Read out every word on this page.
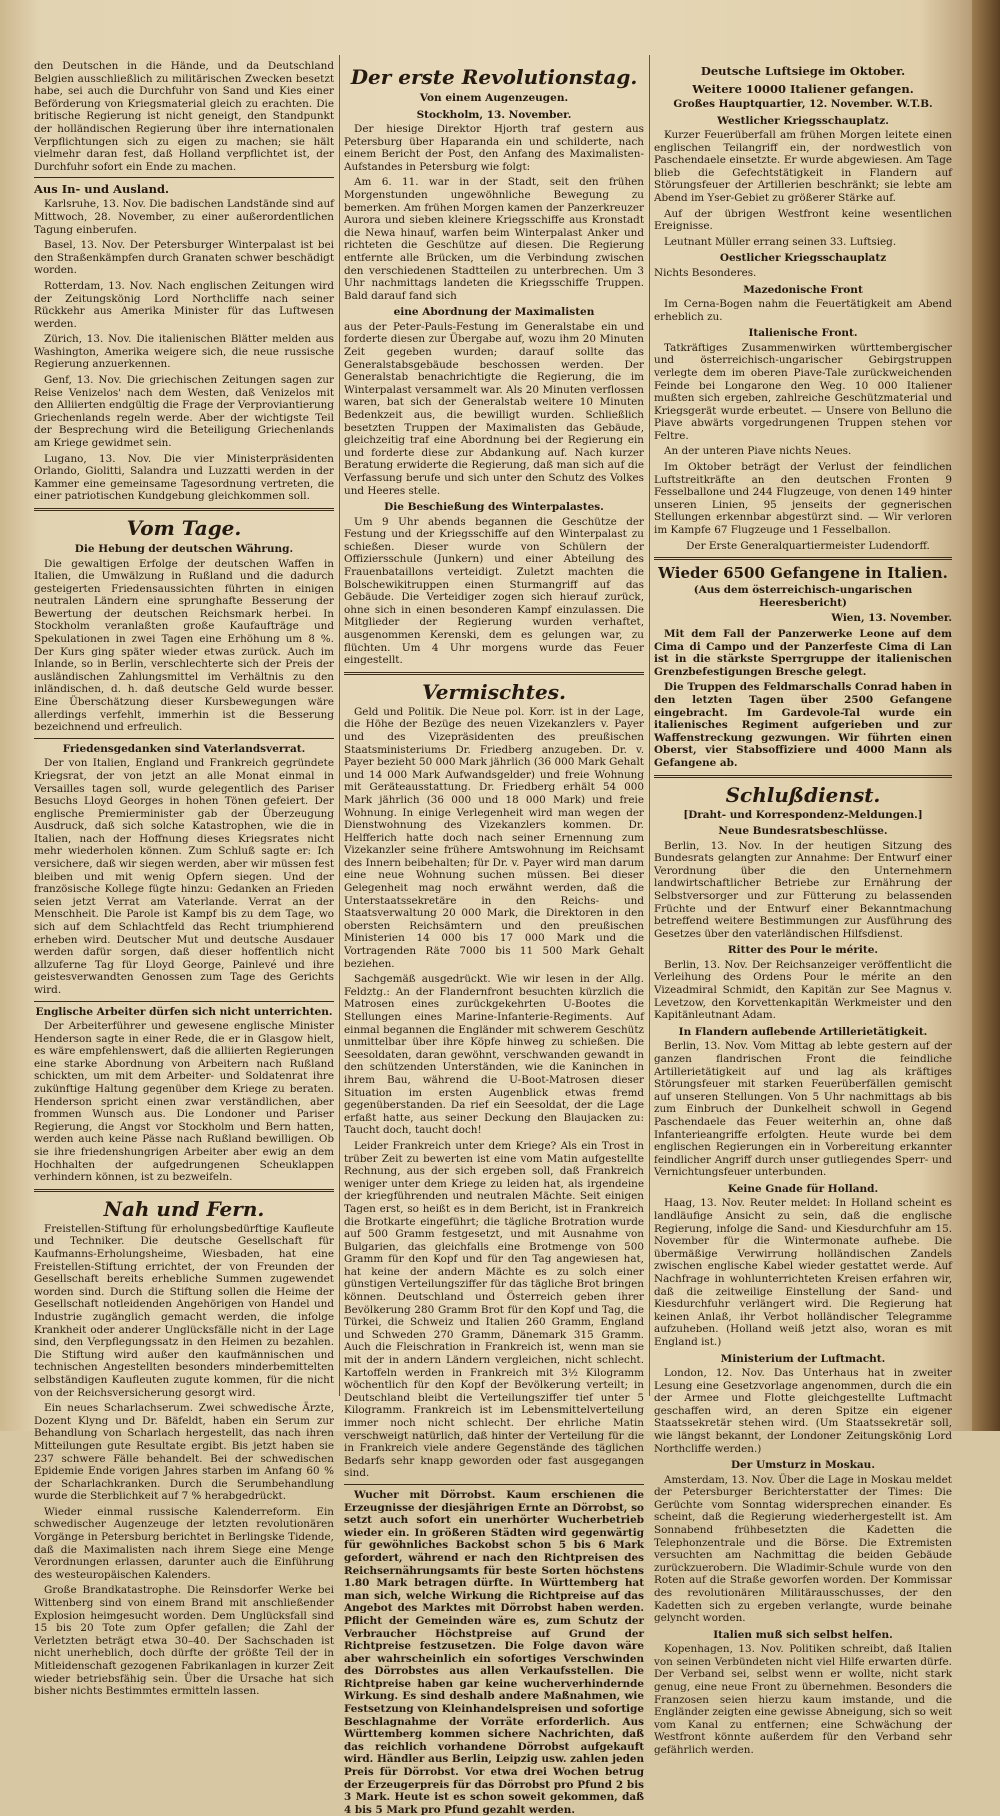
den Deutschen in die Hände, und da Deutschland Belgien ausschließlich zu militärischen Zwecken besetzt habe, sei auch die Durchfuhr von Sand und Kies einer Beförderung von Kriegsmaterial gleich zu erachten. Die britische Regierung ist nicht geneigt, den Standpunkt der holländischen Regierung über ihre internationalen Verpflichtungen sich zu eigen zu machen; sie hält vielmehr daran fest, daß Holland verpflichtet ist, der Durchfuhr sofort ein Ende zu machen.

Aus In- und Ausland.

Karlsruhe, 13. Nov. Die badischen Landstände sind auf Mittwoch, 28. November, zu einer außerordentlichen Tagung einberufen.

Basel, 13. Nov. Der Petersburger Winterpalast ist bei den Straßenkämpfen durch Granaten schwer beschädigt worden.

Rotterdam, 13. Nov. Nach englischen Zeitungen wird der Zeitungskönig Lord Northcliffe nach seiner Rückkehr aus Amerika Minister für das Luftwesen werden.

Zürich, 13. Nov. Die italienischen Blätter melden aus Washington, Amerika weigere sich, die neue russische Regierung anzuerkennen.

Genf, 13. Nov. Die griechischen Zeitungen sagen zur Reise Venizelos' nach dem Westen, daß Venizelos mit den Alliierten endgültig die Frage der Verproviantierung Griechenlands regeln werde. Aber der wichtigste Teil der Besprechung wird die Beteiligung Griechenlands am Kriege gewidmet sein.

Lugano, 13. Nov. Die vier Ministerpräsidenten Orlando, Giolitti, Salandra und Luzzatti werden in der Kammer eine gemeinsame Tagesordnung vertreten, die einer patriotischen Kundgebung gleichkommen soll.

Vom Tage.
Die Hebung der deutschen Währung.

Die gewaltigen Erfolge der deutschen Waffen in Italien, die Umwälzung in Rußland und die dadurch gesteigerten Friedensaussichten führten in einigen neutralen Ländern eine sprunghafte Besserung der Bewertung der deutschen Reichsmark herbei. In Stockholm veranlaßten große Kaufaufträge und Spekulationen in zwei Tagen eine Erhöhung um 8 %. Der Kurs ging später wieder etwas zurück. Auch im Inlande, so in Berlin, verschlechterte sich der Preis der ausländischen Zahlungsmittel im Verhältnis zu den inländischen, d. h. daß deutsche Geld wurde besser. Eine Überschätzung dieser Kursbewegungen wäre allerdings verfehlt, immerhin ist die Besserung bezeichnend und erfreulich.

Friedensgedanken sind Vaterlandsverrat.

Der von Italien, England und Frankreich gegründete Kriegsrat, der von jetzt an alle Monat einmal in Versailles tagen soll, wurde gelegentlich des Pariser Besuchs Lloyd Georges in hohen Tönen gefeiert. Der englische Premierminister gab der Überzeugung Ausdruck, daß sich solche Katastrophen, wie die in Italien, nach der Hoffnung dieses Kriegsrates nicht mehr wiederholen können. Zum Schluß sagte er: Ich versichere, daß wir siegen werden, aber wir müssen fest bleiben und mit wenig Opfern siegen. Und der französische Kollege fügte hinzu: Gedanken an Frieden seien jetzt Verrat am Vaterlande. Verrat an der Menschheit. Die Parole ist Kampf bis zu dem Tage, wo sich auf dem Schlachtfeld das Recht triumphierend erheben wird. Deutscher Mut und deutsche Ausdauer werden dafür sorgen, daß dieser hoffentlich nicht allzuferne Tag für Lloyd George, Painlevé und ihre geistesverwandten Genossen zum Tage des Gerichts wird.

Englische Arbeiter dürfen sich nicht unterrichten.

Der Arbeiterführer und gewesene englische Minister Henderson sagte in einer Rede, die er in Glasgow hielt, es wäre empfehlenswert, daß die alliierten Regierungen eine starke Abordnung von Arbeitern nach Rußland schickten, um mit dem Arbeiter- und Soldatenrat ihre zukünftige Haltung gegenüber dem Kriege zu beraten. Henderson spricht einen zwar verständlichen, aber frommen Wunsch aus. Die Londoner und Pariser Regierung, die Angst vor Stockholm und Bern hatten, werden auch keine Pässe nach Rußland bewilligen. Ob sie ihre friedenshungrigen Arbeiter aber ewig an dem Hochhalten der aufgedrungenen Scheuklappen verhindern können, ist zu bezweifeln.

Nah und Fern.

Freistellen-Stiftung für erholungsbedürftige Kaufleute und Techniker. Die deutsche Gesellschaft für Kaufmanns-Erholungsheime, Wiesbaden, hat eine Freistellen-Stiftung errichtet, der von Freunden der Gesellschaft bereits erhebliche Summen zugewendet worden sind. Durch die Stiftung sollen die Heime der Gesellschaft notleidenden Angehörigen von Handel und Industrie zugänglich gemacht werden, die infolge Krankheit oder anderer Unglücksfälle nicht in der Lage sind, den Verpflegungssatz in den Heimen zu bezahlen. Die Stiftung wird außer den kaufmännischen und technischen Angestellten besonders minderbemittelten selbständigen Kaufleuten zugute kommen, für die nicht von der Reichsversicherung gesorgt wird.

Ein neues Scharlachserum. Zwei schwedische Ärzte, Dozent Klyng und Dr. Bäfeldt, haben ein Serum zur Behandlung von Scharlach hergestellt, das nach ihren Mitteilungen gute Resultate ergibt. Bis jetzt haben sie 237 schwere Fälle behandelt. Bei der schwedischen Epidemie Ende vorigen Jahres starben im Anfang 60 % der Scharlachkranken. Durch die Serumbehandlung wurde die Sterblichkeit auf 7 % herabgedrückt.

Wieder einmal russische Kalenderreform. Ein schwedischer Augenzeuge der letzten revolutionären Vorgänge in Petersburg berichtet in Berlingske Tidende, daß die Maximalisten nach ihrem Siege eine Menge Verordnungen erlassen, darunter auch die Einführung des westeuropäischen Kalenders.

Große Brandkatastrophe. Die Reinsdorfer Werke bei Wittenberg sind von einem Brand mit anschließender Explosion heimgesucht worden. Dem Unglücksfall sind 15 bis 20 Tote zum Opfer gefallen; die Zahl der Verletzten beträgt etwa 30–40. Der Sachschaden ist nicht unerheblich, doch dürfte der größte Teil der in Mitleidenschaft gezogenen Fabrikanlagen in kurzer Zeit wieder betriebsfähig sein. Über die Ursache hat sich bisher nichts Bestimmtes ermitteln lassen.

Der erste Revolutionstag.
Von einem Augenzeugen.
Stockholm, 13. November.

Der hiesige Direktor Hjorth traf gestern aus Petersburg über Haparanda ein und schilderte, nach einem Bericht der Post, den Anfang des Maximalisten-Aufstandes in Petersburg wie folgt:

Am 6. 11. war in der Stadt, seit den frühen Morgenstunden ungewöhnliche Bewegung zu bemerken. Am frühen Morgen kamen der Panzerkreuzer Aurora und sieben kleinere Kriegsschiffe aus Kronstadt die Newa hinauf, warfen beim Winterpalast Anker und richteten die Geschütze auf diesen. Die Regierung entfernte alle Brücken, um die Verbindung zwischen den verschiedenen Stadtteilen zu unterbrechen. Um 3 Uhr nachmittags landeten die Kriegsschiffe Truppen. Bald darauf fand sich

eine Abordnung der Maximalisten

aus der Peter-Pauls-Festung im Generalstabe ein und forderte diesen zur Übergabe auf, wozu ihm 20 Minuten Zeit gegeben wurden; darauf sollte das Generalstabsgebäude beschossen werden. Der Generalstab benachrichtigte die Regierung, die im Winterpalast versammelt war. Als 20 Minuten verflossen waren, bat sich der Generalstab weitere 10 Minuten Bedenkzeit aus, die bewilligt wurden. Schließlich besetzten Truppen der Maximalisten das Gebäude, gleichzeitig traf eine Abordnung bei der Regierung ein und forderte diese zur Abdankung auf. Nach kurzer Beratung erwiderte die Regierung, daß man sich auf die Verfassung berufe und sich unter den Schutz des Volkes und Heeres stelle.

Die Beschießung des Winterpalastes.

Um 9 Uhr abends begannen die Geschütze der Festung und der Kriegsschiffe auf den Winterpalast zu schießen. Dieser wurde von Schülern der Offiziersschule (Junkern) und einer Abteilung des Frauenbataillons verteidigt. Zuletzt machten die Bolschewikitruppen einen Sturmangriff auf das Gebäude. Die Verteidiger zogen sich hierauf zurück, ohne sich in einen besonderen Kampf einzulassen. Die Mitglieder der Regierung wurden verhaftet, ausgenommen Kerenski, dem es gelungen war, zu flüchten. Um 4 Uhr morgens wurde das Feuer eingestellt.

Vermischtes.

Geld und Politik. Die Neue pol. Korr. ist in der Lage, die Höhe der Bezüge des neuen Vizekanzlers v. Payer und des Vizepräsidenten des preußischen Staatsministeriums Dr. Friedberg anzugeben. Dr. v. Payer bezieht 50 000 Mark jährlich (36 000 Mark Gehalt und 14 000 Mark Aufwandsgelder) und freie Wohnung mit Geräteausstattung. Dr. Friedberg erhält 54 000 Mark jährlich (36 000 und 18 000 Mark) und freie Wohnung. In einige Verlegenheit wird man wegen der Dienstwohnung des Vizekanzlers kommen. Dr. Helfferich hatte doch nach seiner Ernennung zum Vizekanzler seine frühere Amtswohnung im Reichsamt des Innern beibehalten; für Dr. v. Payer wird man darum eine neue Wohnung suchen müssen. Bei dieser Gelegenheit mag noch erwähnt werden, daß die Unterstaatssekretäre in den Reichs- und Staatsverwaltung 20 000 Mark, die Direktoren in den obersten Reichsämtern und den preußischen Ministerien 14 000 bis 17 000 Mark und die Vortragenden Räte 7000 bis 11 500 Mark Gehalt beziehen.

Sachgemäß ausgedrückt. Wie wir lesen in der Allg. Feldztg.: An der Flandernfront besuchten kürzlich die Matrosen eines zurückgekehrten U-Bootes die Stellungen eines Marine-Infanterie-Regiments. Auf einmal begannen die Engländer mit schwerem Geschütz unmittelbar über ihre Köpfe hinweg zu schießen. Die Seesoldaten, daran gewöhnt, verschwanden gewandt in den schützenden Unterständen, wie die Kaninchen in ihrem Bau, während die U-Boot-Matrosen dieser Situation im ersten Augenblick etwas fremd gegenüberstanden. Da rief ein Seesoldat, der die Lage erfaßt hatte, aus seiner Deckung den Blaujacken zu: Taucht doch, taucht doch!

Leider Frankreich unter dem Kriege? Als ein Trost in trüber Zeit zu bewerten ist eine vom Matin aufgestellte Rechnung, aus der sich ergeben soll, daß Frankreich weniger unter dem Kriege zu leiden hat, als irgendeine der kriegführenden und neutralen Mächte. Seit einigen Tagen erst, so heißt es in dem Bericht, ist in Frankreich die Brotkarte eingeführt; die tägliche Brotration wurde auf 500 Gramm festgesetzt, und mit Ausnahme von Bulgarien, das gleichfalls eine Brotmenge von 500 Gramm für den Kopf und für den Tag angewiesen hat, hat keine der andern Mächte es zu solch einer günstigen Verteilungsziffer für das tägliche Brot bringen können. Deutschland und Österreich geben ihrer Bevölkerung 280 Gramm Brot für den Kopf und Tag, die Türkei, die Schweiz und Italien 260 Gramm, England und Schweden 270 Gramm, Dänemark 315 Gramm. Auch die Fleischration in Frankreich ist, wenn man sie mit der in andern Ländern vergleichen, nicht schlecht. Kartoffeln werden in Frankreich mit 3½ Kilogramm wöchentlich für den Kopf der Bevölkerung verteilt; in Deutschland bleibt die Verteilungsziffer tief unter 5 Kilogramm. Frankreich ist im Lebensmittelverteilung immer noch nicht schlecht. Der ehrliche Matin verschweigt natürlich, daß hinter der Verteilung für die in Frankreich viele andere Gegenstände des täglichen Bedarfs sehr knapp geworden oder fast ausgegangen sind.

Wucher mit Dörrobst. Kaum erschienen die Erzeugnisse der diesjährigen Ernte an Dörrobst, so setzt auch sofort ein unerhörter Wucherbetrieb wieder ein. In größeren Städten wird gegenwärtig für gewöhnliches Backobst schon 5 bis 6 Mark gefordert, während er nach den Richtpreisen des Reichsernährungsamts für beste Sorten höchstens 1.80 Mark betragen dürfte. In Württemberg hat man sich, welche Wirkung die Richtpreise auf das Angebot des Marktes mit Dörrobst haben werden. Pflicht der Gemeinden wäre es, zum Schutz der Verbraucher Höchstpreise auf Grund der Richtpreise festzusetzen. Die Folge davon wäre aber wahrscheinlich ein sofortiges Verschwinden des Dörrobstes aus allen Verkaufsstellen. Die Richtpreise haben gar keine wucherverhindernde Wirkung. Es sind deshalb andere Maßnahmen, wie Festsetzung von Kleinhandelspreisen und sofortige Beschlagnahme der Vorräte erforderlich. Aus Württemberg kommen sichere Nachrichten, daß das reichlich vorhandene Dörrobst aufgekauft wird. Händler aus Berlin, Leipzig usw. zahlen jeden Preis für Dörrobst. Vor etwa drei Wochen betrug der Erzeugerpreis für das Dörrobst pro Pfund 2 bis 3 Mark. Heute ist es schon soweit gekommen, daß 4 bis 5 Mark pro Pfund gezahlt werden.

Deutsche Luftsiege im Oktober.
Weitere 10000 Italiener gefangen.

Großes Hauptquartier, 12. November. W.T.B.

Westlicher Kriegsschauplatz.

Kurzer Feuerüberfall am frühen Morgen leitete einen englischen Teilangriff ein, der nordwestlich von Paschendaele einsetzte. Er wurde abgewiesen. Am Tage blieb die Gefechtstätigkeit in Flandern auf Störungsfeuer der Artillerien beschränkt; sie lebte am Abend im Yser-Gebiet zu größerer Stärke auf.

Auf der übrigen Westfront keine wesentlichen Ereignisse.

Leutnant Müller errang seinen 33. Luftsieg.

Oestlicher Kriegsschauplatz

Nichts Besonderes.

Mazedonische Front

Im Cerna-Bogen nahm die Feuertätigkeit am Abend erheblich zu.

Italienische Front.

Tatkräftiges Zusammenwirken württembergischer und österreichisch-ungarischer Gebirgstruppen verlegte dem im oberen Piave-Tale zurückweichenden Feinde bei Longarone den Weg. 10 000 Italiener mußten sich ergeben, zahlreiche Geschützmaterial und Kriegsgerät wurde erbeutet. — Unsere von Belluno die Piave abwärts vorgedrungenen Truppen stehen vor Feltre.

An der unteren Piave nichts Neues.

Im Oktober beträgt der Verlust der feindlichen Luftstreitkräfte an den deutschen Fronten 9 Fesselballone und 244 Flugzeuge, von denen 149 hinter unseren Linien, 95 jenseits der gegnerischen Stellungen erkennbar abgestürzt sind. — Wir verloren im Kampfe 67 Flugzeuge und 1 Fesselballon.

Der Erste Generalquartiermeister Ludendorff.

Wieder 6500 Gefangene in Italien.

(Aus dem österreichisch-ungarischen Heeresbericht)

Wien, 13. November.

Mit dem Fall der Panzerwerke Leone auf dem Cima di Campo und der Panzerfeste Cima di Lan ist in die stärkste Sperrgruppe der italienischen Grenzbefestigungen Bresche gelegt.

Die Truppen des Feldmarschalls Conrad haben in den letzten Tagen über 2500 Gefangene eingebracht. Im Gardevole-Tal wurde ein italienisches Regiment aufgerieben und zur Waffenstreckung gezwungen. Wir führten einen Oberst, vier Stabsoffiziere und 4000 Mann als Gefangene ab.

Schlußdienst.

[Draht- und Korrespondenz-Meldungen.]

Neue Bundesratsbeschlüsse.

Berlin, 13. Nov. In der heutigen Sitzung des Bundesrats gelangten zur Annahme: Der Entwurf einer Verordnung über die den Unternehmern landwirtschaftlicher Betriebe zur Ernährung der Selbstversorger und zur Fütterung zu belassenden Früchte und der Entwurf einer Bekanntmachung betreffend weitere Bestimmungen zur Ausführung des Gesetzes über den vaterländischen Hilfsdienst.

Ritter des Pour le mérite.

Berlin, 13. Nov. Der Reichsanzeiger veröffentlicht die Verleihung des Ordens Pour le mérite an den Vizeadmiral Schmidt, den Kapitän zur See Magnus v. Levetzow, den Korvettenkapitän Werkmeister und den Kapitänleutnant Adam.

In Flandern auflebende Artillerietätigkeit.

Berlin, 13. Nov. Vom Mittag ab lebte gestern auf der ganzen flandrischen Front die feindliche Artillerietätigkeit auf und lag als kräftiges Störungsfeuer mit starken Feuerüberfällen gemischt auf unseren Stellungen. Von 5 Uhr nachmittags ab bis zum Einbruch der Dunkelheit schwoll in Gegend Paschendaele das Feuer weiterhin an, ohne daß Infanterieangriffe erfolgten. Heute wurde bei dem englischen Regierungen ein in Vorbereitung erkannter feindlicher Angriff durch unser gutliegendes Sperr- und Vernichtungsfeuer unterbunden.

Keine Gnade für Holland.

Haag, 13. Nov. Reuter meldet: In Holland scheint es landläufige Ansicht zu sein, daß die englische Regierung, infolge die Sand- und Kiesdurchfuhr am 15. November für die Wintermonate aufhebe. Die übermäßige Verwirrung holländischen Zandels zwischen englische Kabel wieder gestattet werde. Auf Nachfrage in wohlunterrichteten Kreisen erfahren wir, daß die zeitweilige Einstellung der Sand- und Kiesdurchfuhr verlängert wird. Die Regierung hat keinen Anlaß, ihr Verbot holländischer Telegramme aufzuheben. (Holland weiß jetzt also, woran es mit England ist.)

Ministerium der Luftmacht.

London, 12. Nov. Das Unterhaus hat in zweiter Lesung eine Gesetzvorlage angenommen, durch die ein der Armee und Flotte gleichgestellte Luftmacht geschaffen wird, an deren Spitze ein eigener Staatssekretär stehen wird. (Um Staatssekretär soll, wie längst bekannt, der Londoner Zeitungskönig Lord Northcliffe werden.)

Der Umsturz in Moskau.

Amsterdam, 13. Nov. Über die Lage in Moskau meldet der Petersburger Berichterstatter der Times: Die Gerüchte vom Sonntag widersprechen einander. Es scheint, daß die Regierung wiederhergestellt ist. Am Sonnabend frühbesetzten die Kadetten die Telephonzentrale und die Börse. Die Extremisten versuchten am Nachmittag die beiden Gebäude zurückzuerobern. Die Wladimir-Schule wurde von den Roten auf die Straße geworfen worden. Der Kommissar des revolutionären Militärausschusses, der den Kadetten sich zu ergeben verlangte, wurde beinahe gelyncht worden.

Italien muß sich selbst helfen.

Kopenhagen, 13. Nov. Politiken schreibt, daß Italien von seinen Verbündeten nicht viel Hilfe erwarten dürfe. Der Verband sei, selbst wenn er wollte, nicht stark genug, eine neue Front zu übernehmen. Besonders die Franzosen seien hierzu kaum imstande, und die Engländer zeigten eine gewisse Abneigung, sich so weit vom Kanal zu entfernen; eine Schwächung der Westfront könnte außerdem für den Verband sehr gefährlich werden.
